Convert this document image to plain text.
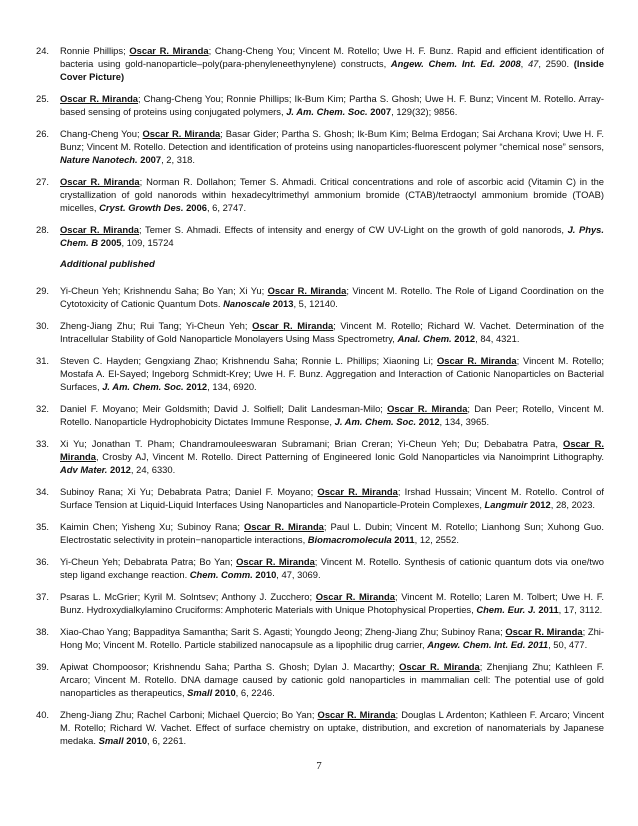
24. Ronnie Phillips; Oscar R. Miranda; Chang-Cheng You; Vincent M. Rotello; Uwe H. F. Bunz. Rapid and efficient identification of bacteria using gold-nanoparticle–poly(para-phenyleneethynylene) constructs, Angew. Chem. Int. Ed. 2008, 47, 2590. (Inside Cover Picture)
25. Oscar R. Miranda; Chang-Cheng You; Ronnie Phillips; Ik-Bum Kim; Partha S. Ghosh; Uwe H. F. Bunz; Vincent M. Rotello. Array-based sensing of proteins using conjugated polymers, J. Am. Chem. Soc. 2007, 129(32); 9856.
26. Chang-Cheng You; Oscar R. Miranda; Basar Gider; Partha S. Ghosh; Ik-Bum Kim; Belma Erdogan; Sai Archana Krovi; Uwe H. F. Bunz; Vincent M. Rotello. Detection and identification of proteins using nanoparticles-fluorescent polymer “chemical nose” sensors, Nature Nanotech. 2007, 2, 318.
27. Oscar R. Miranda; Norman R. Dollahon; Temer S. Ahmadi. Critical concentrations and role of ascorbic acid (Vitamin C) in the crystallization of gold nanorods within hexadecyltrimethyl ammonium bromide (CTAB)/tetraoctyl ammonium bromide (TOAB) micelles, Cryst. Growth Des. 2006, 6, 2747.
28. Oscar R. Miranda; Temer S. Ahmadi. Effects of intensity and energy of CW UV-Light on the growth of gold nanorods, J. Phys. Chem. B 2005, 109, 15724
Additional published
29. Yi-Cheun Yeh; Krishnendu Saha; Bo Yan; Xi Yu; Oscar R. Miranda; Vincent M. Rotello. The Role of Ligand Coordination on the Cytotoxicity of Cationic Quantum Dots. Nanoscale 2013, 5, 12140.
30. Zheng-Jiang Zhu; Rui Tang; Yi-Cheun Yeh; Oscar R. Miranda; Vincent M. Rotello; Richard W. Vachet. Determination of the Intracellular Stability of Gold Nanoparticle Monolayers Using Mass Spectrometry, Anal. Chem. 2012, 84, 4321.
31. Steven C. Hayden; Gengxiang Zhao; Krishnendu Saha; Ronnie L. Phillips; Xiaoning Li; Oscar R. Miranda; Vincent M. Rotello; Mostafa A. El-Sayed; Ingeborg Schmidt-Krey; Uwe H. F. Bunz. Aggregation and Interaction of Cationic Nanoparticles on Bacterial Surfaces, J. Am. Chem. Soc. 2012, 134, 6920.
32. Daniel F. Moyano; Meir Goldsmith; David J. Solfiell; Dalit Landesman-Milo; Oscar R. Miranda; Dan Peer; Rotello, Vincent M. Rotello. Nanoparticle Hydrophobicity Dictates Immune Response, J. Am. Chem. Soc. 2012, 134, 3965.
33. Xi Yu; Jonathan T. Pham; Chandramouleeswaran Subramani; Brian Creran; Yi-Cheun Yeh; Du; Debabatra Patra, Oscar R. Miranda, Crosby AJ, Vincent M. Rotello. Direct Patterning of Engineered Ionic Gold Nanoparticles via Nanoimprint Lithography. Adv Mater. 2012, 24, 6330.
34. Subinoy Rana; Xi Yu; Debabrata Patra; Daniel F. Moyano; Oscar R. Miranda; Irshad Hussain; Vincent M. Rotello. Control of Surface Tension at Liquid-Liquid Interfaces Using Nanoparticles and Nanoparticle-Protein Complexes, Langmuir 2012, 28, 2023.
35. Kaimin Chen; Yisheng Xu; Subinoy Rana; Oscar R. Miranda; Paul L. Dubin; Vincent M. Rotello; Lianhong Sun; Xuhong Guo. Electrostatic selectivity in protein−nanoparticle interactions, Biomacromolecula 2011, 12, 2552.
36. Yi-Cheun Yeh; Debabrata Patra; Bo Yan; Oscar R. Miranda; Vincent M. Rotello. Synthesis of cationic quantum dots via one/two step ligand exchange reaction. Chem. Comm. 2010, 47, 3069.
37. Psaras L. McGrier; Kyril M. Solntsev; Anthony J. Zucchero; Oscar R. Miranda; Vincent M. Rotello; Laren M. Tolbert; Uwe H. F. Bunz. Hydroxydialkylamino Cruciforms: Amphoteric Materials with Unique Photophysical Properties, Chem. Eur. J. 2011, 17, 3112.
38. Xiao-Chao Yang; Bappaditya Samantha; Sarit S. Agasti; Youngdo Jeong; Zheng-Jiang Zhu; Subinoy Rana; Oscar R. Miranda; Zhi-Hong Mo; Vincent M. Rotello. Particle stabilized nanocapsule as a lipophilic drug carrier, Angew. Chem. Int. Ed. 2011, 50, 477.
39. Apiwat Chompoosor; Krishnendu Saha; Partha S. Ghosh; Dylan J. Macarthy; Oscar R. Miranda; Zhenjiang Zhu; Kathleen F. Arcaro; Vincent M. Rotello. DNA damage caused by cationic gold nanoparticles in mammalian cell: The potential use of gold nanoparticles as therapeutics, Small 2010, 6, 2246.
40. Zheng-Jiang Zhu; Rachel Carboni; Michael Quercio; Bo Yan; Oscar R. Miranda; Douglas L Ardenton; Kathleen F. Arcaro; Vincent M. Rotello; Richard W. Vachet. Effect of surface chemistry on uptake, distribution, and excretion of nanomaterials by Japanese medaka. Small 2010, 6, 2261.
7
